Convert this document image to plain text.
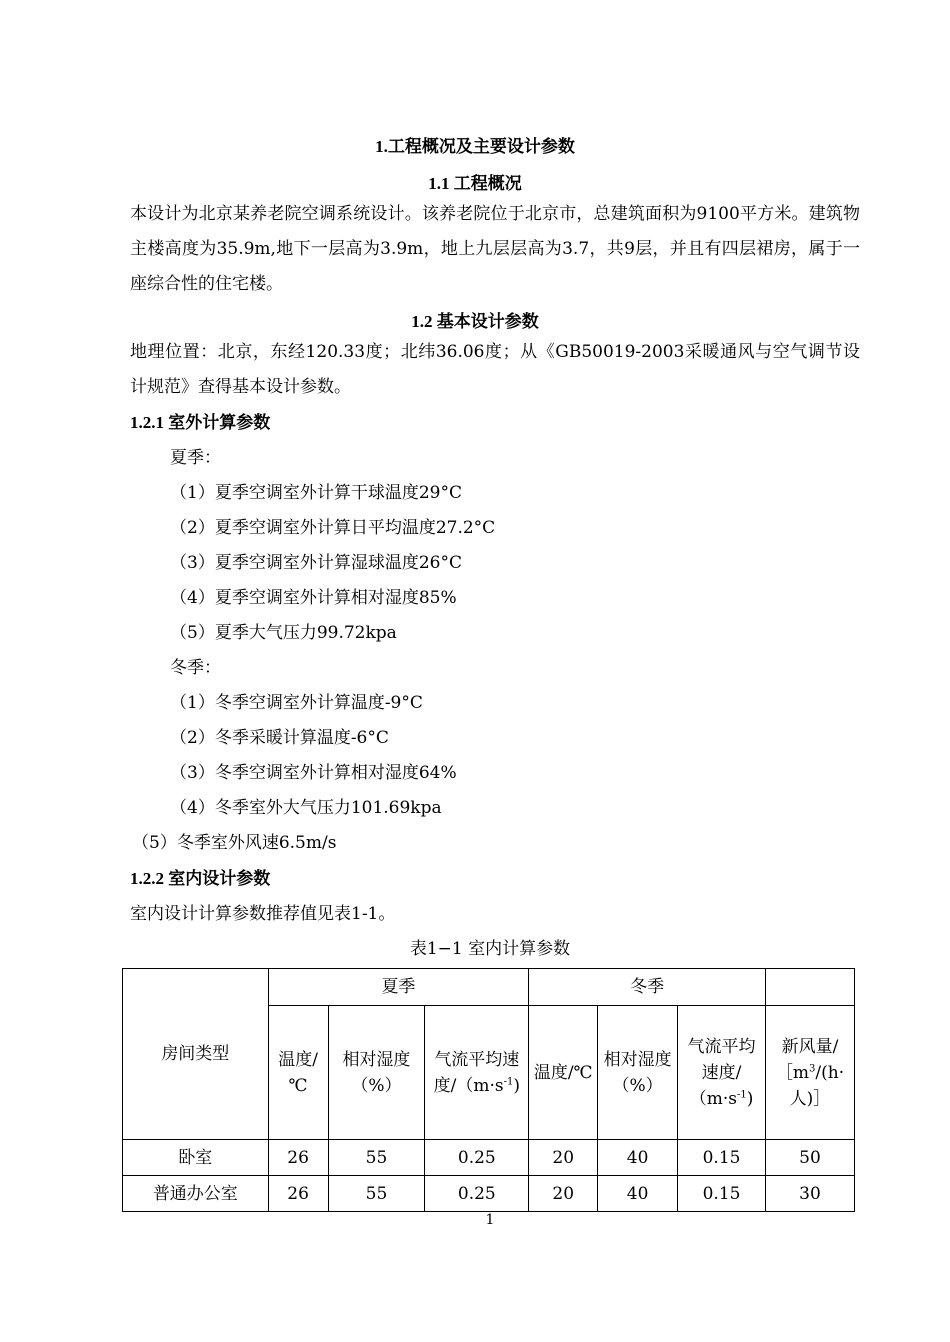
1.工程概况及主要设计参数
1.1 工程概况
本设计为北京某养老院空调系统设计。该养老院位于北京市，总建筑面积为9100平方米。建筑物主楼高度为35.9m,地下一层高为3.9m，地上九层层高为3.7，共9层，并且有四层裙房，属于一座综合性的住宅楼。
1.2 基本设计参数
地理位置：北京，东经120.33度；北纬36.06度；从《GB50019-2003采暖通风与空气调节设计规范》查得基本设计参数。
1.2.1 室外计算参数
夏季：
（1）夏季空调室外计算干球温度29°C
（2）夏季空调室外计算日平均温度27.2°C
（3）夏季空调室外计算湿球温度26°C
（4）夏季空调室外计算相对湿度85%
（5）夏季大气压力99.72kpa
冬季：
（1）冬季空调室外计算温度-9°C
（2）冬季采暖计算温度-6°C
（3）冬季空调室外计算相对湿度64%
（4）冬季室外大气压力101.69kpa
（5）冬季室外风速6.5m/s
1.2.2 室内设计参数
室内设计计算参数推荐值见表1-1。
表1−1 室内计算参数
房间类型	夏季			冬季			
	温度/℃	相对湿度（%）	气流平均速度$/(m\cdot s^{-1})$	温度/℃	相对湿度（%）	气流平均速度$/(m\cdot s^{-1})$	新风量$/[m^3/(h\cdot$人)］
卧室	26	55	0.25	20	40	0.15	50
普通办公室	26	55	0.25	20	40	0.15	30
1
